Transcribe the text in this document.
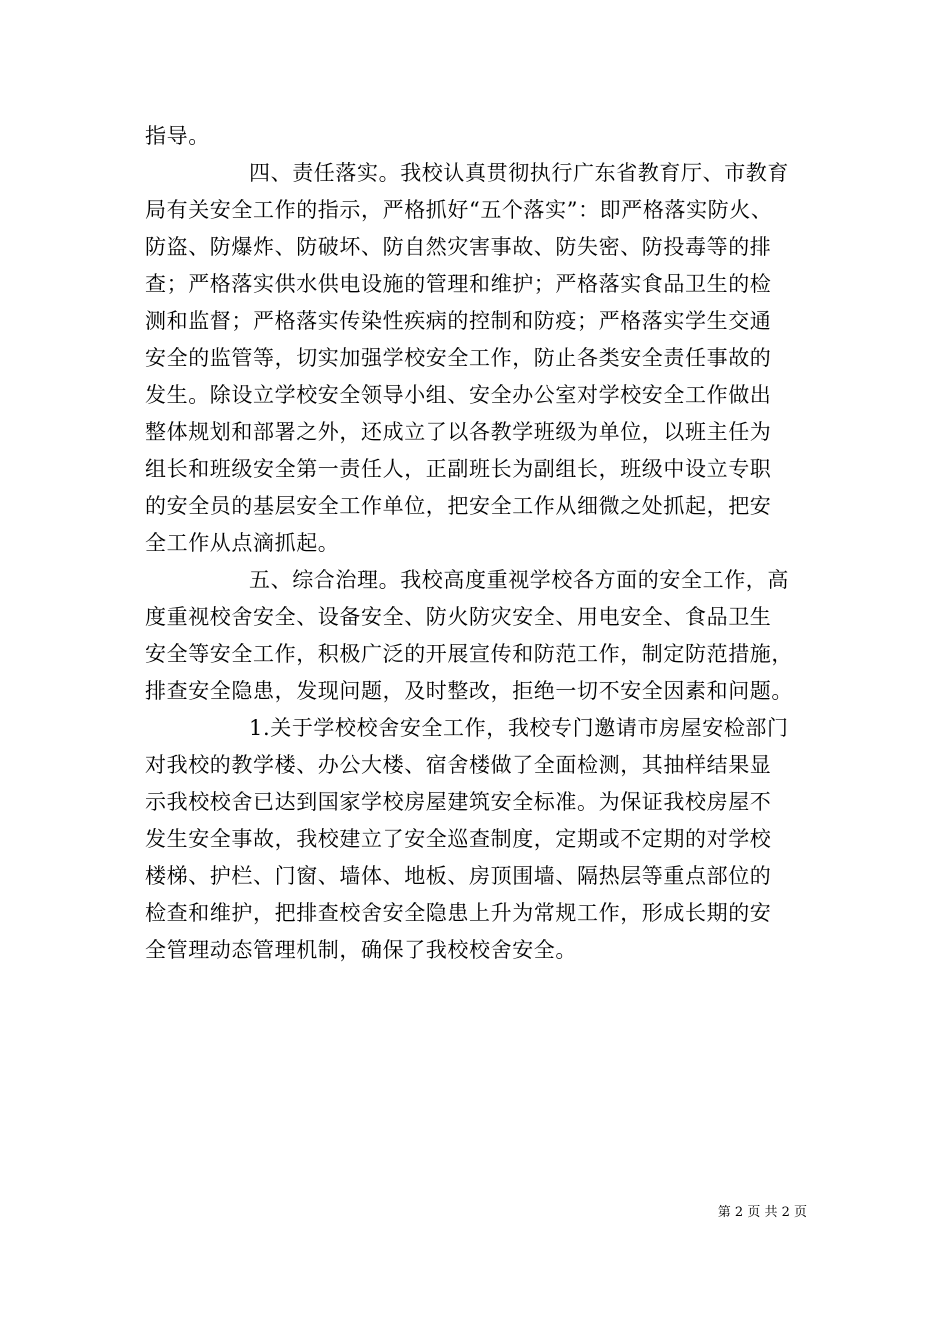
指导。

四、责任落实。我校认真贯彻执行广东省教育厅、市教育

局有关安全工作的指示，严格抓好“五个落实”：即严格落实防火、

防盗、防爆炸、防破坏、防自然灾害事故、防失密、防投毒等的排

查；严格落实供水供电设施的管理和维护；严格落实食品卫生的检

测和监督；严格落实传染性疾病的控制和防疫；严格落实学生交通

安全的监管等，切实加强学校安全工作，防止各类安全责任事故的

发生。除设立学校安全领导小组、安全办公室对学校安全工作做出

整体规划和部署之外，还成立了以各教学班级为单位，以班主任为

组长和班级安全第一责任人，正副班长为副组长，班级中设立专职

的安全员的基层安全工作单位，把安全工作从细微之处抓起，把安

全工作从点滴抓起。

五、综合治理。我校高度重视学校各方面的安全工作，高

度重视校舍安全、设备安全、防火防灾安全、用电安全、食品卫生

安全等安全工作，积极广泛的开展宣传和防范工作，制定防范措施，

排查安全隐患，发现问题，及时整改，拒绝一切不安全因素和问题。

1.关于学校校舍安全工作，我校专门邀请市房屋安检部门

对我校的教学楼、办公大楼、宿舍楼做了全面检测，其抽样结果显

示我校校舍已达到国家学校房屋建筑安全标准。为保证我校房屋不

发生安全事故，我校建立了安全巡查制度，定期或不定期的对学校

楼梯、护栏、门窗、墙体、地板、房顶围墙、隔热层等重点部位的

检查和维护，把排查校舍安全隐患上升为常规工作，形成长期的安

全管理动态管理机制，确保了我校校舍安全。

第 2 页 共 2 页
